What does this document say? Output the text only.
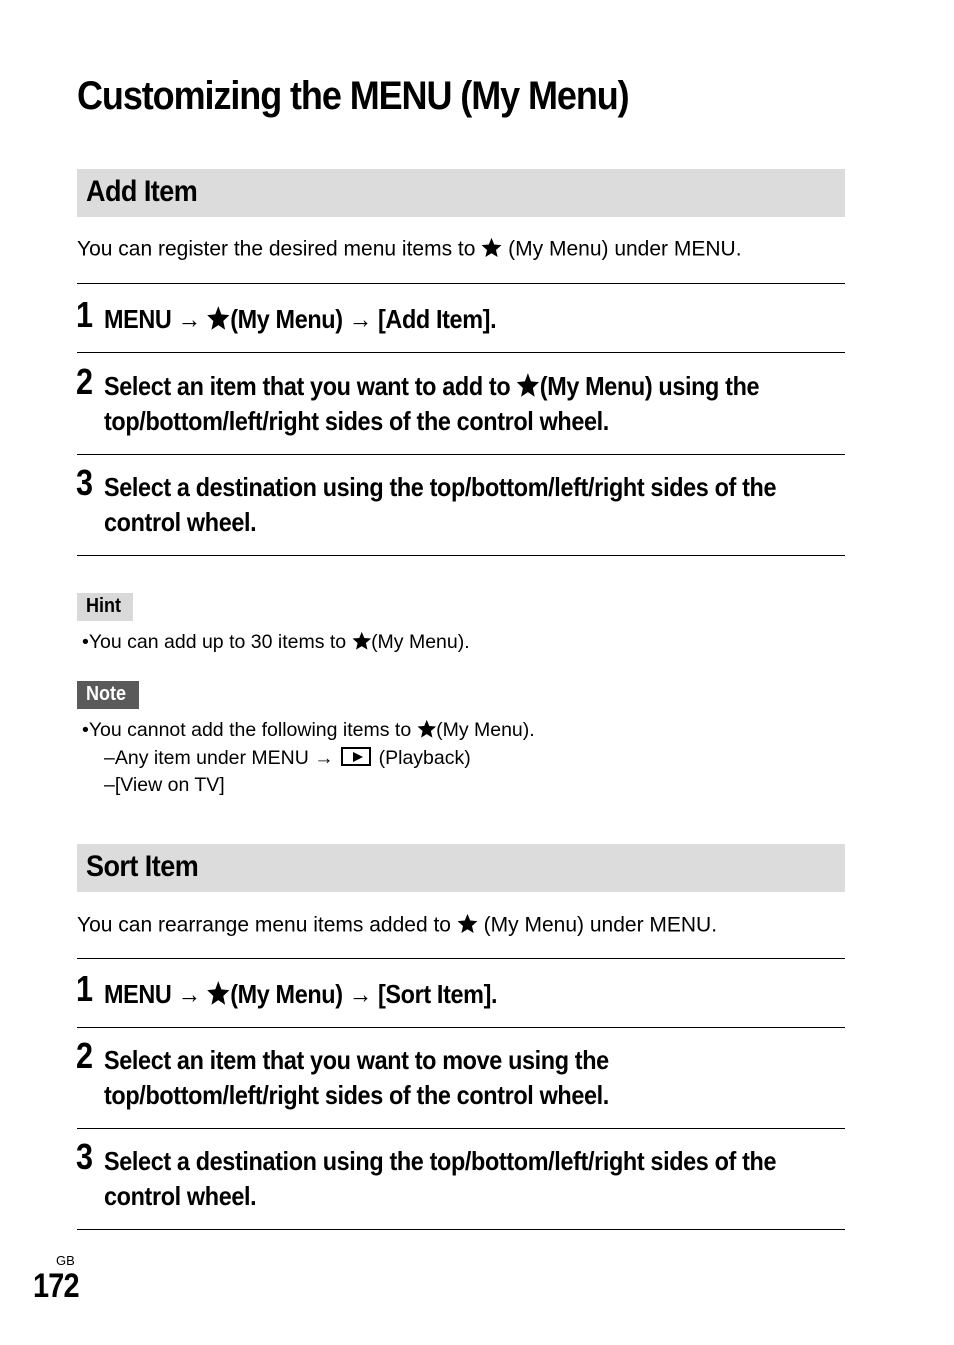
Customizing the MENU (My Menu)
Add Item
You can register the desired menu items to (My Menu) under MENU.
1 MENU → (My Menu) → [Add Item].
2 Select an item that you want to add to (My Menu) using the top/bottom/left/right sides of the control wheel.
3 Select a destination using the top/bottom/left/right sides of the control wheel.
Hint
•You can add up to 30 items to (My Menu).
Note
•You cannot add the following items to (My Menu).
–Any item under MENU → (Playback)
–[View on TV]
Sort Item
You can rearrange menu items added to (My Menu) under MENU.
1 MENU → (My Menu) → [Sort Item].
2 Select an item that you want to move using the top/bottom/left/right sides of the control wheel.
3 Select a destination using the top/bottom/left/right sides of the control wheel.
GB
172
